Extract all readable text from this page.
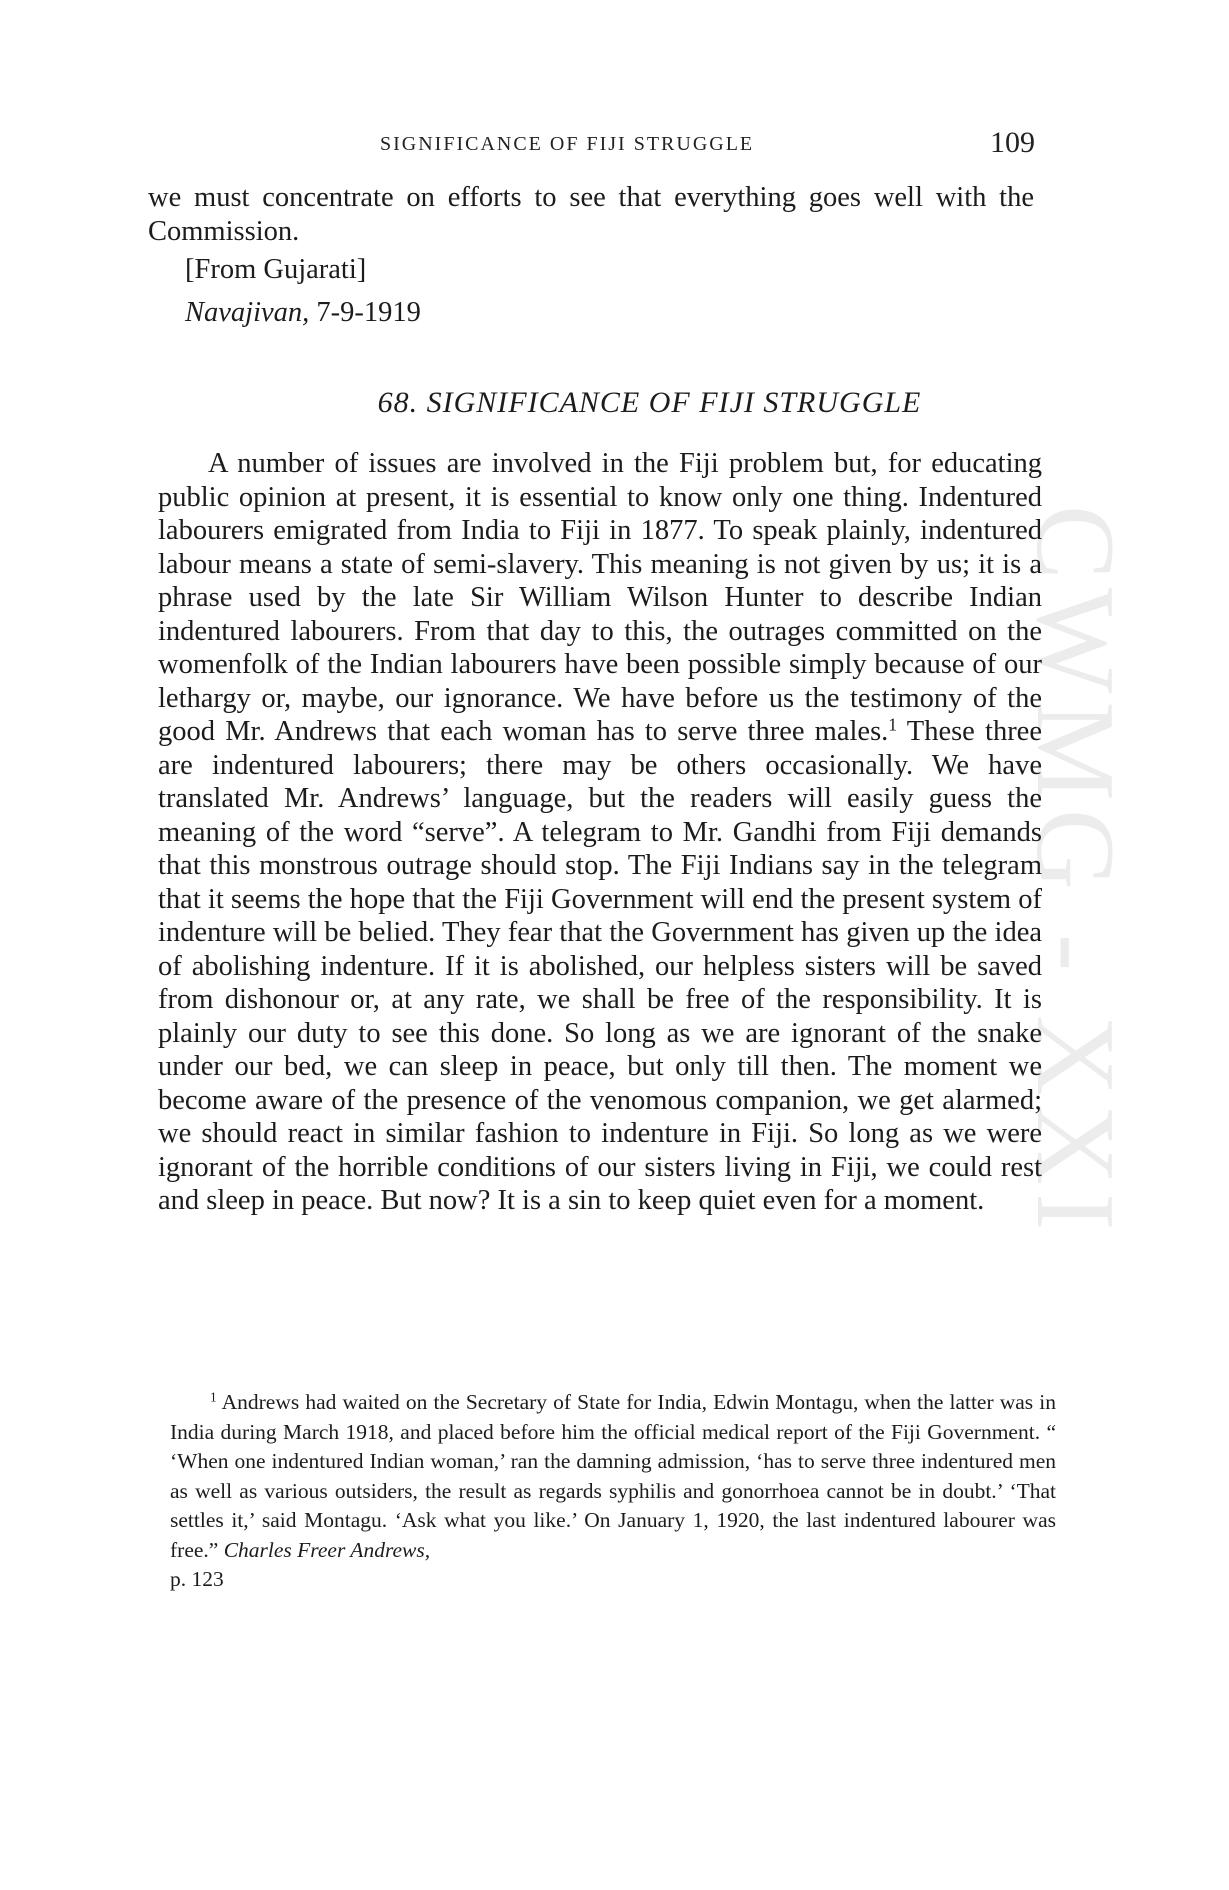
CWMG - XXI
SIGNIFICANCE OF FIJI STRUGGLE	109

we must concentrate on efforts to see that everything goes well with the Commission.

[From Gujarati]
Navajivan, 7-9-1919
68. SIGNIFICANCE OF FIJI STRUGGLE

A number of issues are involved in the Fiji problem but, for educating public opinion at present, it is essential to know only one thing. Indentured labourers emigrated from India to Fiji in 1877. To speak plainly, indentured labour means a state of semi-slavery. This meaning is not given by us; it is a phrase used by the late Sir William Wilson Hunter to describe Indian indentured labourers. From that day to this, the outrages committed on the womenfolk of the Indian labourers have been possible simply because of our lethargy or, maybe, our ignorance. We have before us the testimony of the good Mr. Andrews that each woman has to serve three males.$^1$ These three are indentured labourers; there may be others occasionally. We have translated Mr. Andrews’ language, but the readers will easily guess the meaning of the word “serve”. A telegram to Mr. Gandhi from Fiji demands that this monstrous outrage should stop. The Fiji Indians say in the telegram that it seems the hope that the Fiji Government will end the present system of indenture will be belied. They fear that the Government has given up the idea of abolishing indenture. If it is abolished, our helpless sisters will be saved from dishonour or, at any rate, we shall be free of the responsibility. It is plainly our duty to see this done. So long as we are ignorant of the snake under our bed, we can sleep in peace, but only till then. The moment we become aware of the presence of the venomous companion, we get alarmed; we should react in similar fashion to indenture in Fiji. So long as we were ignorant of the horrible conditions of our sisters living in Fiji, we could rest and sleep in peace. But now? It is a sin to keep quiet even for a moment.

$^1$ Andrews had waited on the Secretary of State for India, Edwin Montagu, when the latter was in India during March 1918, and placed before him the official medical report of the Fiji Government. “ ‘When one indentured Indian woman,’ ran the damning admission, ‘has to serve three indentured men as well as various outsiders, the result as regards syphilis and gonorrhoea cannot be in doubt.’ ‘That settles it,’ said Montagu. ‘Ask what you like.’ On January 1, 1920, the last indentured labourer was free.” Charles Freer Andrews,
p. 123
